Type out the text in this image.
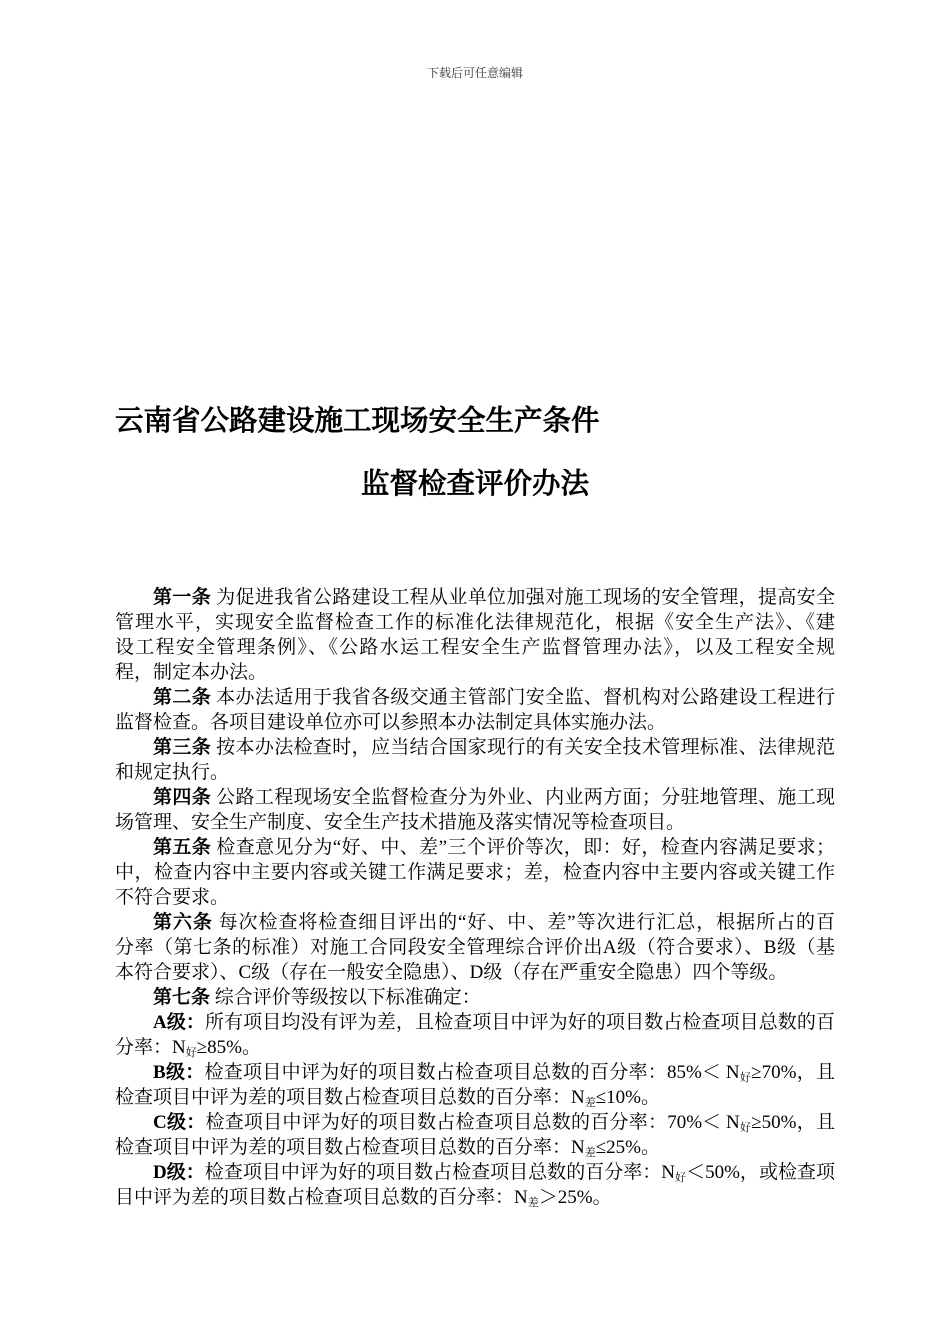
下载后可任意编辑
云南省公路建设施工现场安全生产条件
监督检查评价办法
第一条 为促进我省公路建设工程从业单位加强对施工现场的安全管理，提高安全
管理水平，实现安全监督检查工作的标准化法律规范化，根据《安全生产法》、《建
设工程安全管理条例》、《公路水运工程安全生产监督管理办法》，以及工程安全规
程，制定本办法。
第二条 本办法适用于我省各级交通主管部门安全监、督机构对公路建设工程进行
监督检查。各项目建设单位亦可以参照本办法制定具体实施办法。
第三条 按本办法检查时，应当结合国家现行的有关安全技术管理标准、法律规范
和规定执行。
第四条 公路工程现场安全监督检查分为外业、内业两方面；分驻地管理、施工现
场管理、安全生产制度、安全生产技术措施及落实情况等检查项目。
第五条 检查意见分为“好、中、差”三个评价等次，即：好，检查内容满足要求；
中，检查内容中主要内容或关键工作满足要求；差，检查内容中主要内容或关键工作
不符合要求。
第六条 每次检查将检查细目评出的“好、中、差”等次进行汇总，根据所占的百
分率（第七条的标准）对施工合同段安全管理综合评价出A级（符合要求）、B级（基
本符合要求）、C级（存在一般安全隐患）、D级（存在严重安全隐患）四个等级。
第七条 综合评价等级按以下标准确定：
A级：所有项目均没有评为差，且检查项目中评为好的项目数占检查项目总数的百
分率：$N_好\ge 85\%$。
B级：检查项目中评为好的项目数占检查项目总数的百分率：$85\%< N_好\ge 70\%$，且
检查项目中评为差的项目数占检查项目总数的百分率：$N_差\le 10\%$。
C级：检查项目中评为好的项目数占检查项目总数的百分率：$70\%< N_好\ge 50\%$，且
检查项目中评为差的项目数占检查项目总数的百分率：$N_差\le 25\%$。
D级：检查项目中评为好的项目数占检查项目总数的百分率：$N_好<50\%$，或检查项
目中评为差的项目数占检查项目总数的百分率：$N_差>25\%$。
